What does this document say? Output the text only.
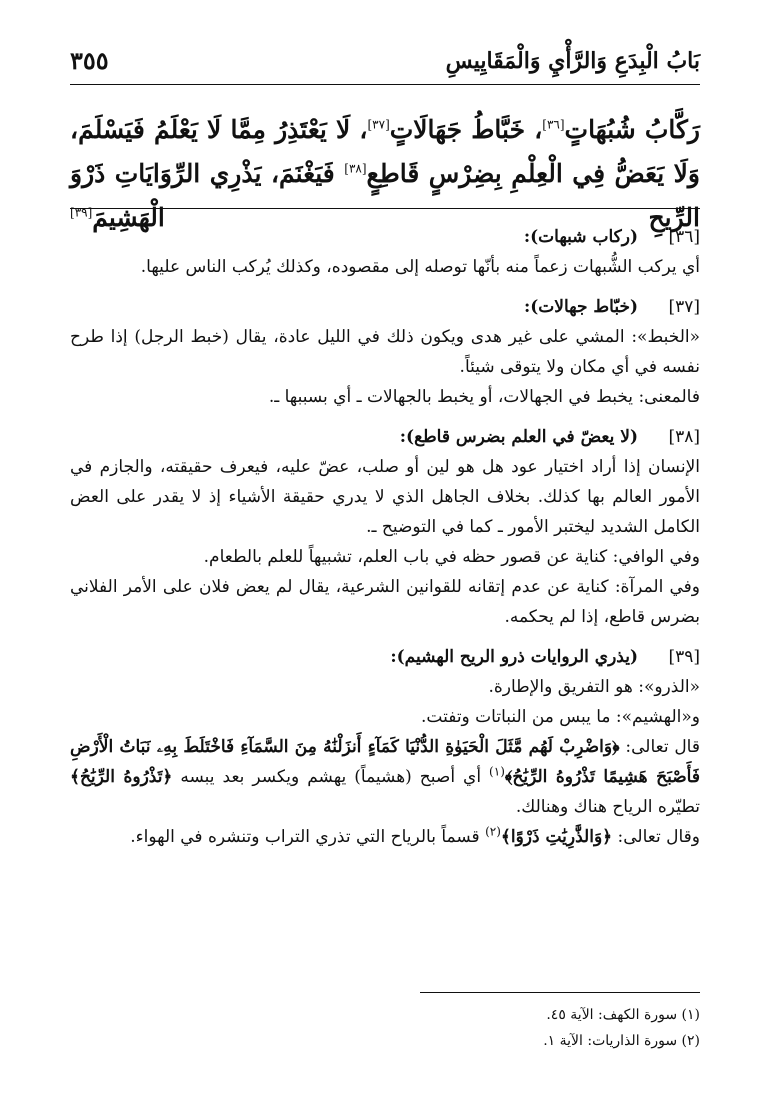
بَابُ الْبِدَعِ وَالرَّأْيِ وَالْمَقَايِيسِ
٣٥٥
رَكَّابُ شُبُهَاتٍ[٣٦]، خَبَّاطُ جَهَالَاتٍ[٣٧]، لَا يَعْتَذِرُ مِمَّا لَا يَعْلَمُ فَيَسْلَمَ، وَلَا يَعَضُّ فِي الْعِلْمِ بِضِرْسٍ قَاطِعٍ[٣٨] فَيَغْنَمَ، يَذْرِي الرِّوَايَاتِ ذَرْوَ الرِّيحِ الْهَشِيمَ[٣٩]
[٣٦]
(ركاب شبهات):

أي يركب الشُّبهات زعماً منه بأنّها توصله إلى مقصوده، وكذلك يُركب الناس عليها.

[٣٧]
(خبّاط جهالات):

«الخبط»: المشي على غير هدى ويكون ذلك في الليل عادة، يقال (خبط الرجل) إذا طرح نفسه في أي مكان ولا يتوقى شيئاً.

فالمعنى: يخبط في الجهالات، أو يخبط بالجهالات ـ أي بسببها ـ.

[٣٨]
(لا يعضّ في العلم بضرس قاطع):

الإنسان إذا أراد اختيار عود هل هو لين أو صلب، عضّ عليه، فيعرف حقيقته، والجازم في الأمور العالم بها كذلك. بخلاف الجاهل الذي لا يدري حقيقة الأشياء إذ لا يقدر على العض الكامل الشديد ليختبر الأمور ـ كما في التوضيح ـ.

وفي الوافي: كناية عن قصور حظه في باب العلم، تشبيهاً للعلم بالطعام.

وفي المرآة: كناية عن عدم إتقانه للقوانين الشرعية، يقال لم يعض فلان على الأمر الفلاني بضرس قاطع، إذا لم يحكمه.

[٣٩]
(يذري الروايات ذرو الريح الهشيم):

«الذرو»: هو التفريق والإطارة.

و«الهشيم»: ما يبس من النباتات وتفتت.

قال تعالى: ﴿وَاضْرِبْ لَهُم مَّثَلَ الْحَيَوٰةِ الدُّنْيَا كَمَآءٍ أَنزَلْنَٰهُ مِنَ السَّمَآءِ فَاخْتَلَطَ بِهِۦ نَبَاتُ الْأَرْضِ فَأَصْبَحَ هَشِيمًا تَذْرُوهُ الرِّيَٰحُ﴾$^{(١)}$ أي أصبح (هشيماً) يهشم ويكسر بعد يبسه ﴿تَذْرُوهُ الرِّيَٰحُ﴾ تطيّره الرياح هناك وهنالك.

وقال تعالى: ﴿وَالذَّٰرِيَٰتِ ذَرْوًا﴾$^{(٢)}$ قسماً بالرياح التي تذري التراب وتنشره في الهواء.

(١) سورة الكهف: الآية ٤٥.
(٢) سورة الذاريات: الآية ١.
